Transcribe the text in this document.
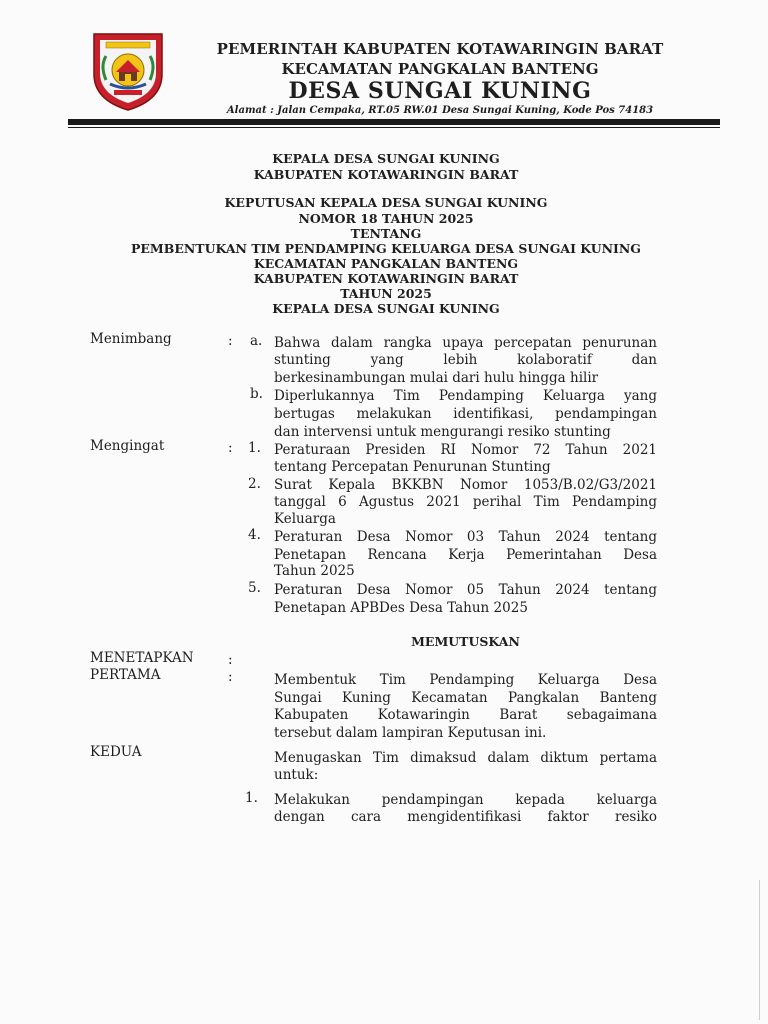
PEMERINTAH KABUPATEN KOTAWARINGIN BARAT
KECAMATAN PANGKALAN BANTENG
DESA SUNGAI KUNING
Alamat : Jalan Cempaka, RT.05 RW.01 Desa Sungai Kuning, Kode Pos 74183
KEPALA DESA SUNGAI KUNING
KABUPATEN KOTAWARINGIN BARAT
KEPUTUSAN KEPALA DESA SUNGAI KUNING
NOMOR 18 TAHUN 2025
TENTANG
PEMBENTUKAN TIM PENDAMPING KELUARGA DESA SUNGAI KUNING
KECAMATAN PANGKALAN BANTENG
KABUPATEN KOTAWARINGIN BARAT
TAHUN 2025
KEPALA DESA SUNGAI KUNING
Menimbang	: a. Bahwa dalam rangka upaya percepatan penurunan
stunting yang lebih kolaboratif dan
berkesinambungan mulai dari hulu hingga hilir
b. Diperlukannya Tim Pendamping Keluarga yang
bertugas melakukan identifikasi, pendampingan
dan intervensi untuk mengurangi resiko stunting
Mengingat	: 1. Peraturaan Presiden RI Nomor 72 Tahun 2021
tentang Percepatan Penurunan Stunting
2. Surat Kepala BKKBN Nomor 1053/B.02/G3/2021
tanggal 6 Agustus 2021 perihal Tim Pendamping
Keluarga
4. Peraturan Desa Nomor 03 Tahun 2024 tentang
Penetapan Rencana Kerja Pemerintahan Desa
Tahun 2025
5. Peraturan Desa Nomor 05 Tahun 2024 tentang
Penetapan APBDes Desa Tahun 2025
MEMUTUSKAN
MENETAPKAN	:
PERTAMA	:	Membentuk Tim Pendamping Keluarga Desa
Sungai Kuning Kecamatan Pangkalan Banteng
Kabupaten Kotawaringin Barat sebagaimana
tersebut dalam lampiran Keputusan ini.
KEDUA	Menugaskan Tim dimaksud dalam diktum pertama
untuk:
1. Melakukan pendampingan kepada keluarga
dengan cara mengidentifikasi faktor resiko
